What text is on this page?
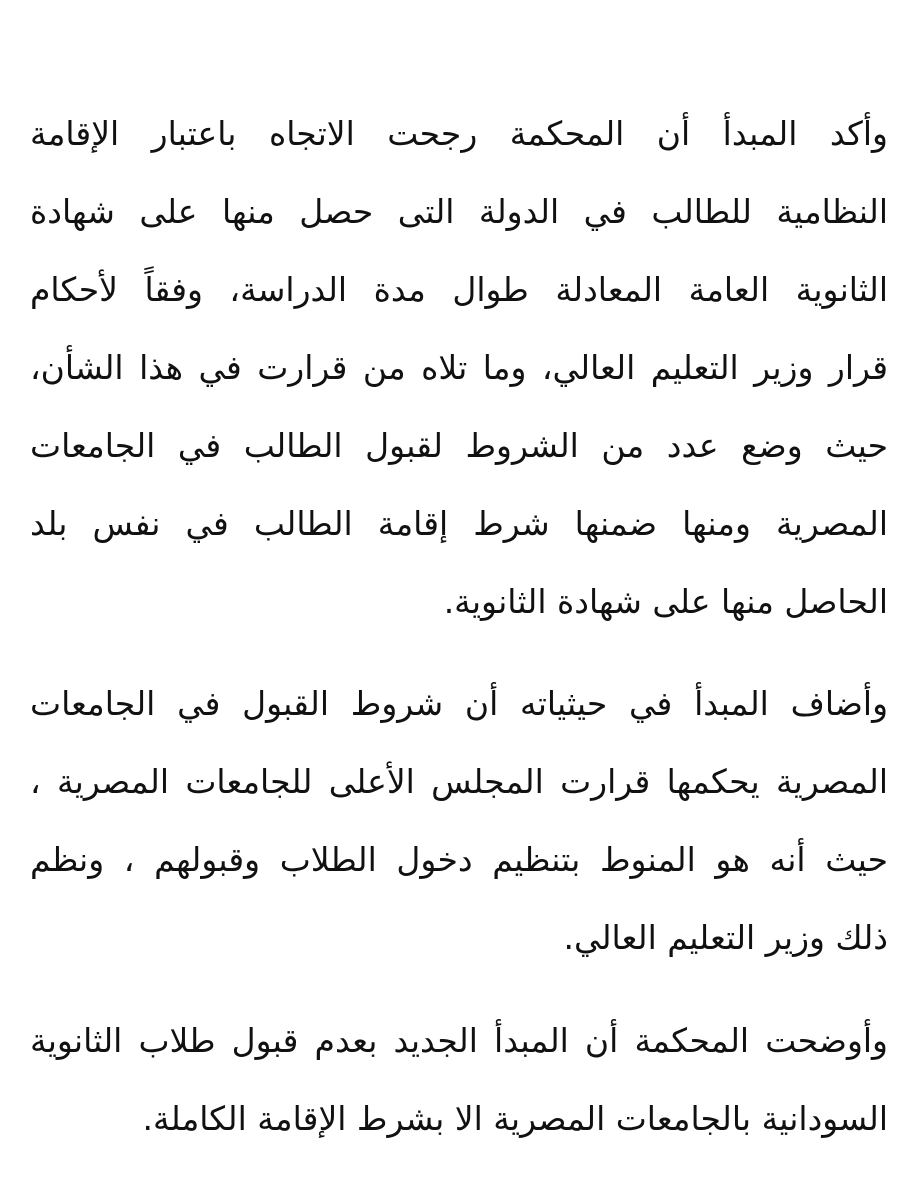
وأكد المبدأ أن المحكمة رجحت الاتجاه باعتبار الإقامة
النظامية للطالب في الدولة التى حصل منها على شهادة
الثانوية العامة المعادلة طوال مدة الدراسة، وفقاً لأحكام
قرار وزير التعليم العالي، وما تلاه من قرارت في هذا الشأن،
حيث وضع عدد من الشروط لقبول الطالب في الجامعات
المصرية ومنها ضمنها شرط إقامة الطالب في نفس بلد
الحاصل منها على شهادة الثانوية.
وأضاف المبدأ في حيثياته أن شروط القبول في الجامعات
المصرية يحكمها قرارت المجلس الأعلى للجامعات المصرية ،
حيث أنه هو المنوط بتنظيم دخول الطلاب وقبولهم ، ونظم
ذلك وزير التعليم العالي.
وأوضحت المحكمة أن المبدأ الجديد بعدم قبول طلاب الثانوية
السودانية بالجامعات المصرية الا بشرط الإقامة الكاملة.
